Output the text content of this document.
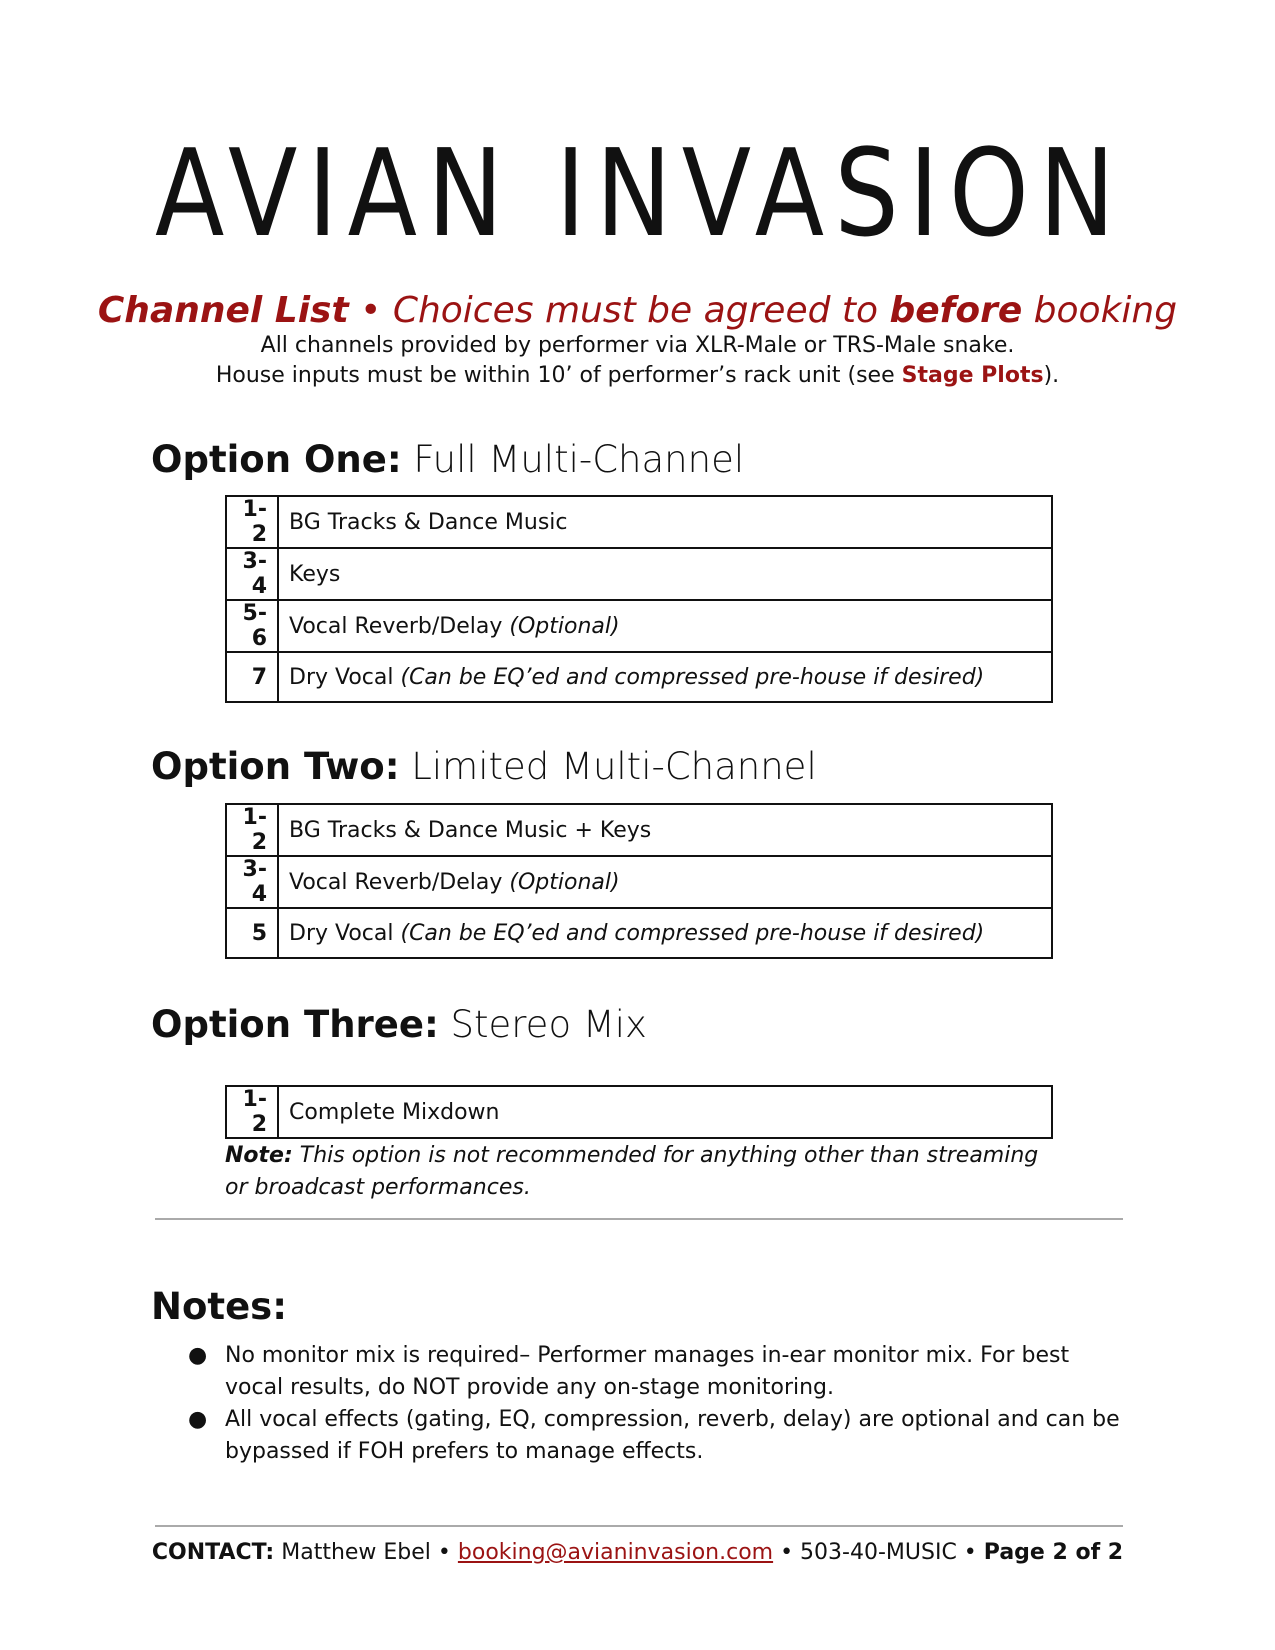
AVIAN INVASION
Channel List • Choices must be agreed to before booking
All channels provided by performer via XLR-Male or TRS-Male snake.
House inputs must be within 10’ of performer’s rack unit (see Stage Plots).
Option One: Full Multi-Channel
1-2	BG Tracks & Dance Music
3-4	Keys
5-6	Vocal Reverb/Delay (Optional)
7	Dry Vocal (Can be EQ’ed and compressed pre-house if desired)
Option Two: Limited Multi-Channel
1-2	BG Tracks & Dance Music + Keys
3-4	Vocal Reverb/Delay (Optional)
5	Dry Vocal (Can be EQ’ed and compressed pre-house if desired)
Option Three: Stereo Mix
1-2	Complete Mixdown
Note: This option is not recommended for anything other than streaming or broadcast performances.
Notes:
● No monitor mix is required– Performer manages in-ear monitor mix. For best vocal results, do NOT provide any on-stage monitoring.
● All vocal effects (gating, EQ, compression, reverb, delay) are optional and can be bypassed if FOH prefers to manage effects.
CONTACT: Matthew Ebel • booking@avianinvasion.com • 503-40-MUSIC • Page 2 of 2
